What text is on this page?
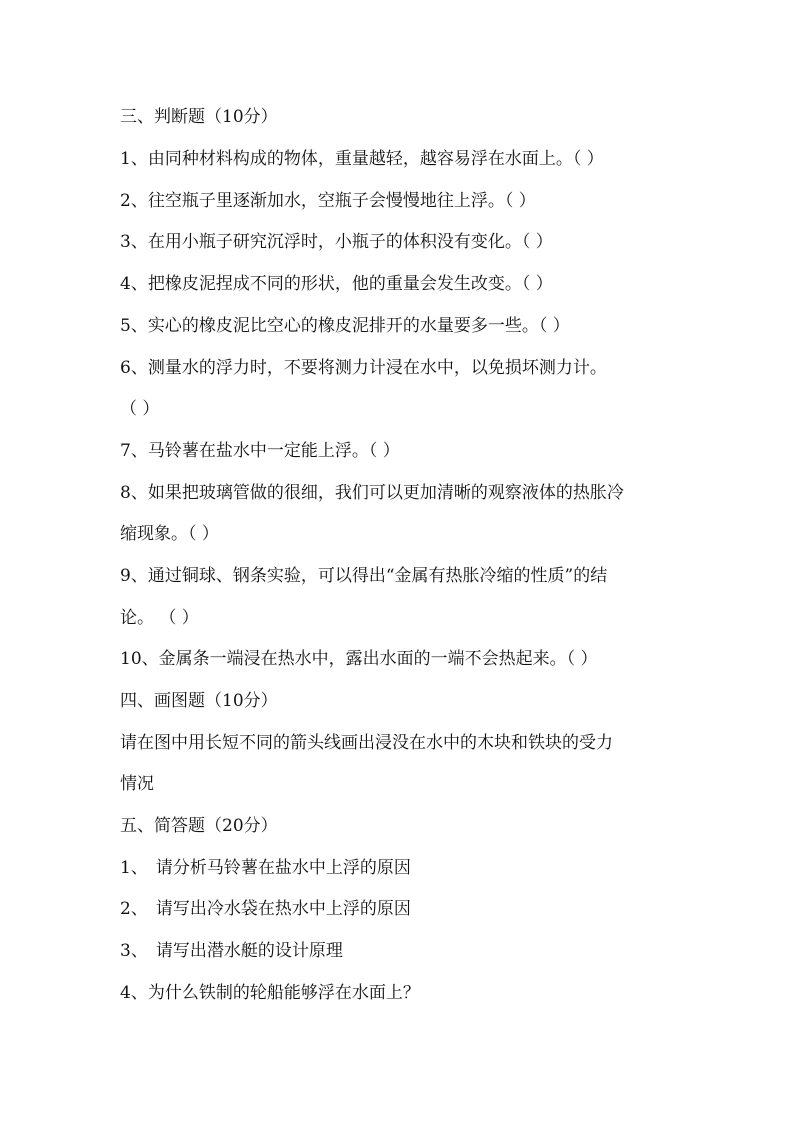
三、判断题（10分）
1、由同种材料构成的物体，重量越轻，越容易浮在水面上。（ ）
2、往空瓶子里逐渐加水，空瓶子会慢慢地往上浮。（ ）
3、在用小瓶子研究沉浮时，小瓶子的体积没有变化。（ ）
4、把橡皮泥捏成不同的形状，他的重量会发生改变。（ ）
5、实心的橡皮泥比空心的橡皮泥排开的水量要多一些。（ ）
6、测量水的浮力时，不要将测力计浸在水中，以免损坏测力计。
（ ）
7、马铃薯在盐水中一定能上浮。（ ）
8、如果把玻璃管做的很细，我们可以更加清晰的观察液体的热胀冷
缩现象。（ ）
9、通过铜球、钢条实验，可以得出“金属有热胀冷缩的性质”的结
论。 （ ）
10、金属条一端浸在热水中，露出水面的一端不会热起来。（ ）
四、画图题（10分）
请在图中用长短不同的箭头线画出浸没在水中的木块和铁块的受力
情况
五、简答题（20分）
1、 请分析马铃薯在盐水中上浮的原因
2、 请写出冷水袋在热水中上浮的原因
3、 请写出潜水艇的设计原理
4、为什么铁制的轮船能够浮在水面上？
